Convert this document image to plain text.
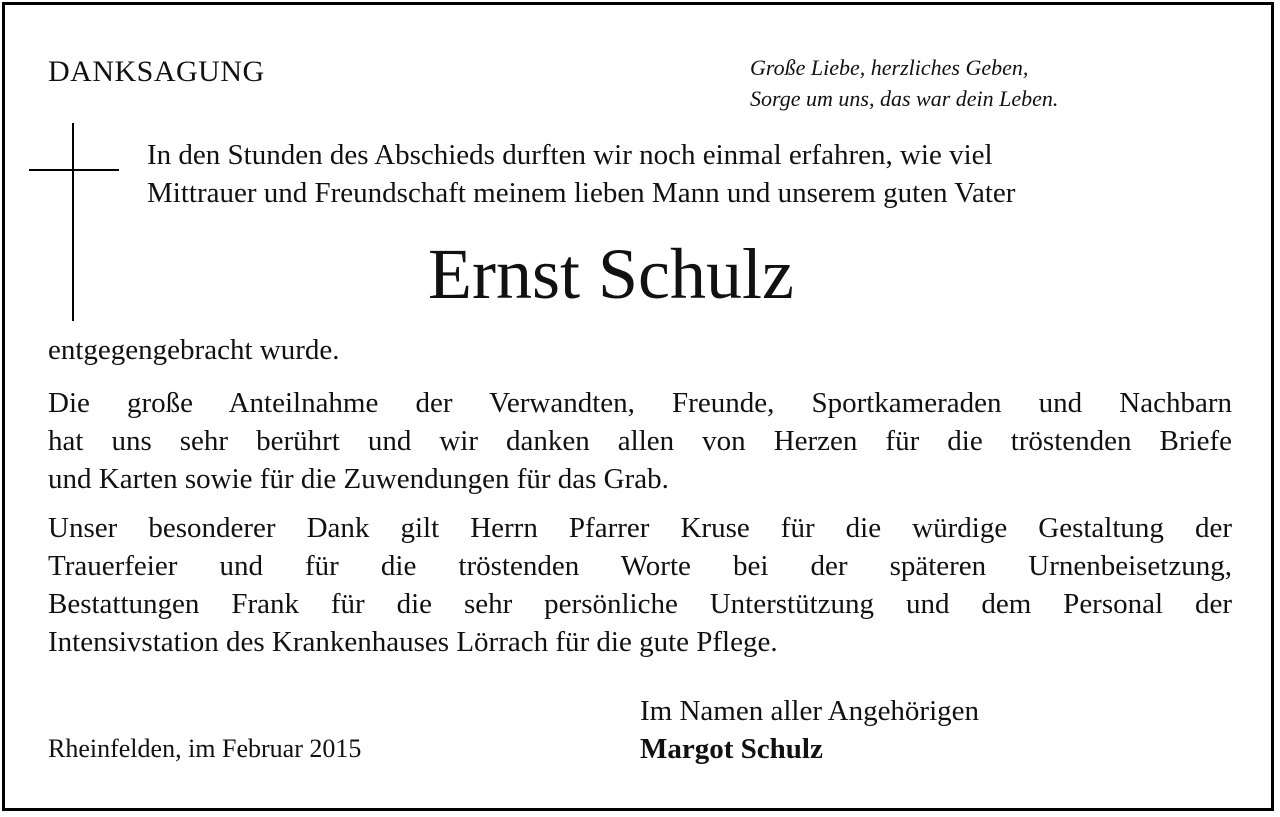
DANKSAGUNG	Große Liebe, herzliches Geben,
Sorge um uns, das war dein Leben.
In den Stunden des Abschieds durften wir noch einmal erfahren, wie viel
Mittrauer und Freundschaft meinem lieben Mann und unserem guten Vater
Ernst Schulz
entgegengebracht wurde.
Die große Anteilnahme der Verwandten, Freunde, Sportkameraden und Nachbarn
hat uns sehr berührt und wir danken allen von Herzen für die tröstenden Briefe
und Karten sowie für die Zuwendungen für das Grab.
Unser besonderer Dank gilt Herrn Pfarrer Kruse für die würdige Gestaltung der
Trauerfeier und für die tröstenden Worte bei der späteren Urnenbeisetzung,
Bestattungen Frank für die sehr persönliche Unterstützung und dem Personal der
Intensivstation des Krankenhauses Lörrach für die gute Pflege.
Im Namen aller Angehörigen
Margot Schulz
Rheinfelden, im Februar 2015
